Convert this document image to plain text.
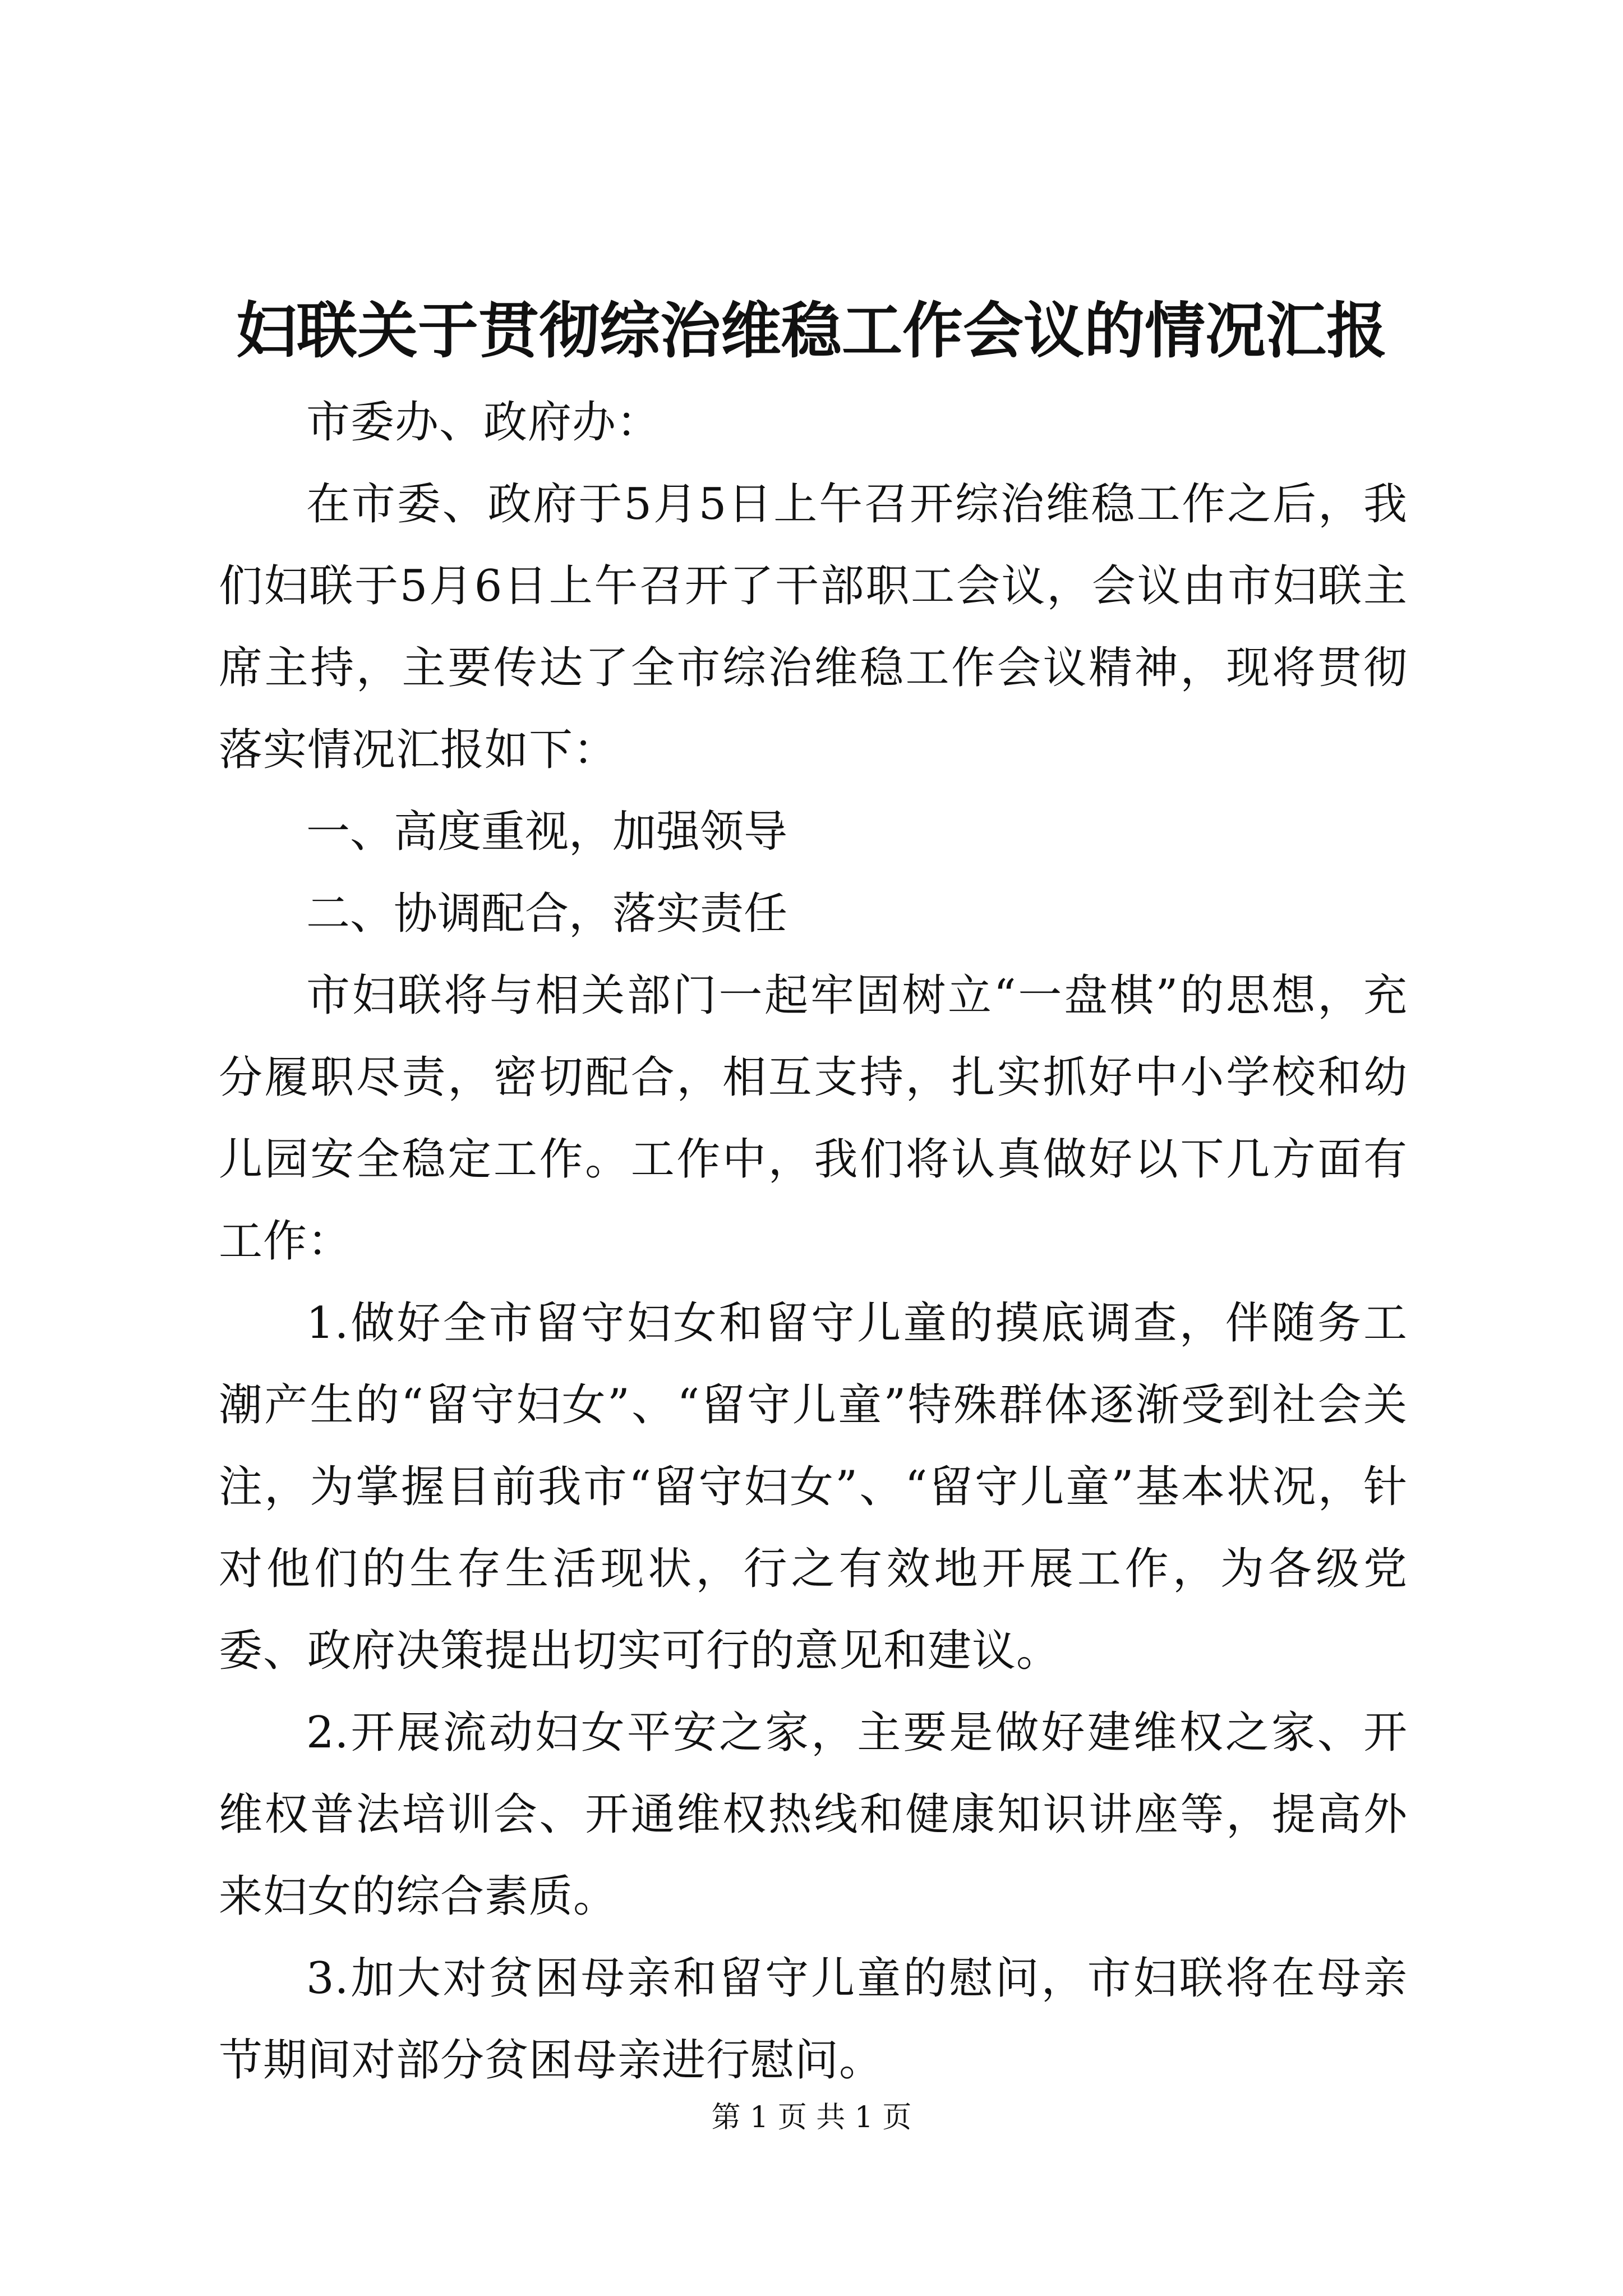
妇联关于贯彻综治维稳工作会议的情况汇报

市委办、政府办：

在市委、政府于5月5日上午召开综治维稳工作之后，我们妇联于5月6日上午召开了干部职工会议，会议由市妇联主席主持，主要传达了全市综治维稳工作会议精神，现将贯彻落实情况汇报如下：

一、高度重视，加强领导

二、协调配合，落实责任

市妇联将与相关部门一起牢固树立“一盘棋”的思想，充分履职尽责，密切配合，相互支持，扎实抓好中小学校和幼儿园安全稳定工作。工作中，我们将认真做好以下几方面有工作：

1.做好全市留守妇女和留守儿童的摸底调查，伴随务工潮产生的“留守妇女”、“留守儿童”特殊群体逐渐受到社会关注，为掌握目前我市“留守妇女”、“留守儿童”基本状况，针对他们的生存生活现状，行之有效地开展工作，为各级党委、政府决策提出切实可行的意见和建议。

2.开展流动妇女平安之家，主要是做好建维权之家、开维权普法培训会、开通维权热线和健康知识讲座等，提高外来妇女的综合素质。

3.加大对贫困母亲和留守儿童的慰问，市妇联将在母亲节期间对部分贫困母亲进行慰问。

第 1 页 共 1 页
